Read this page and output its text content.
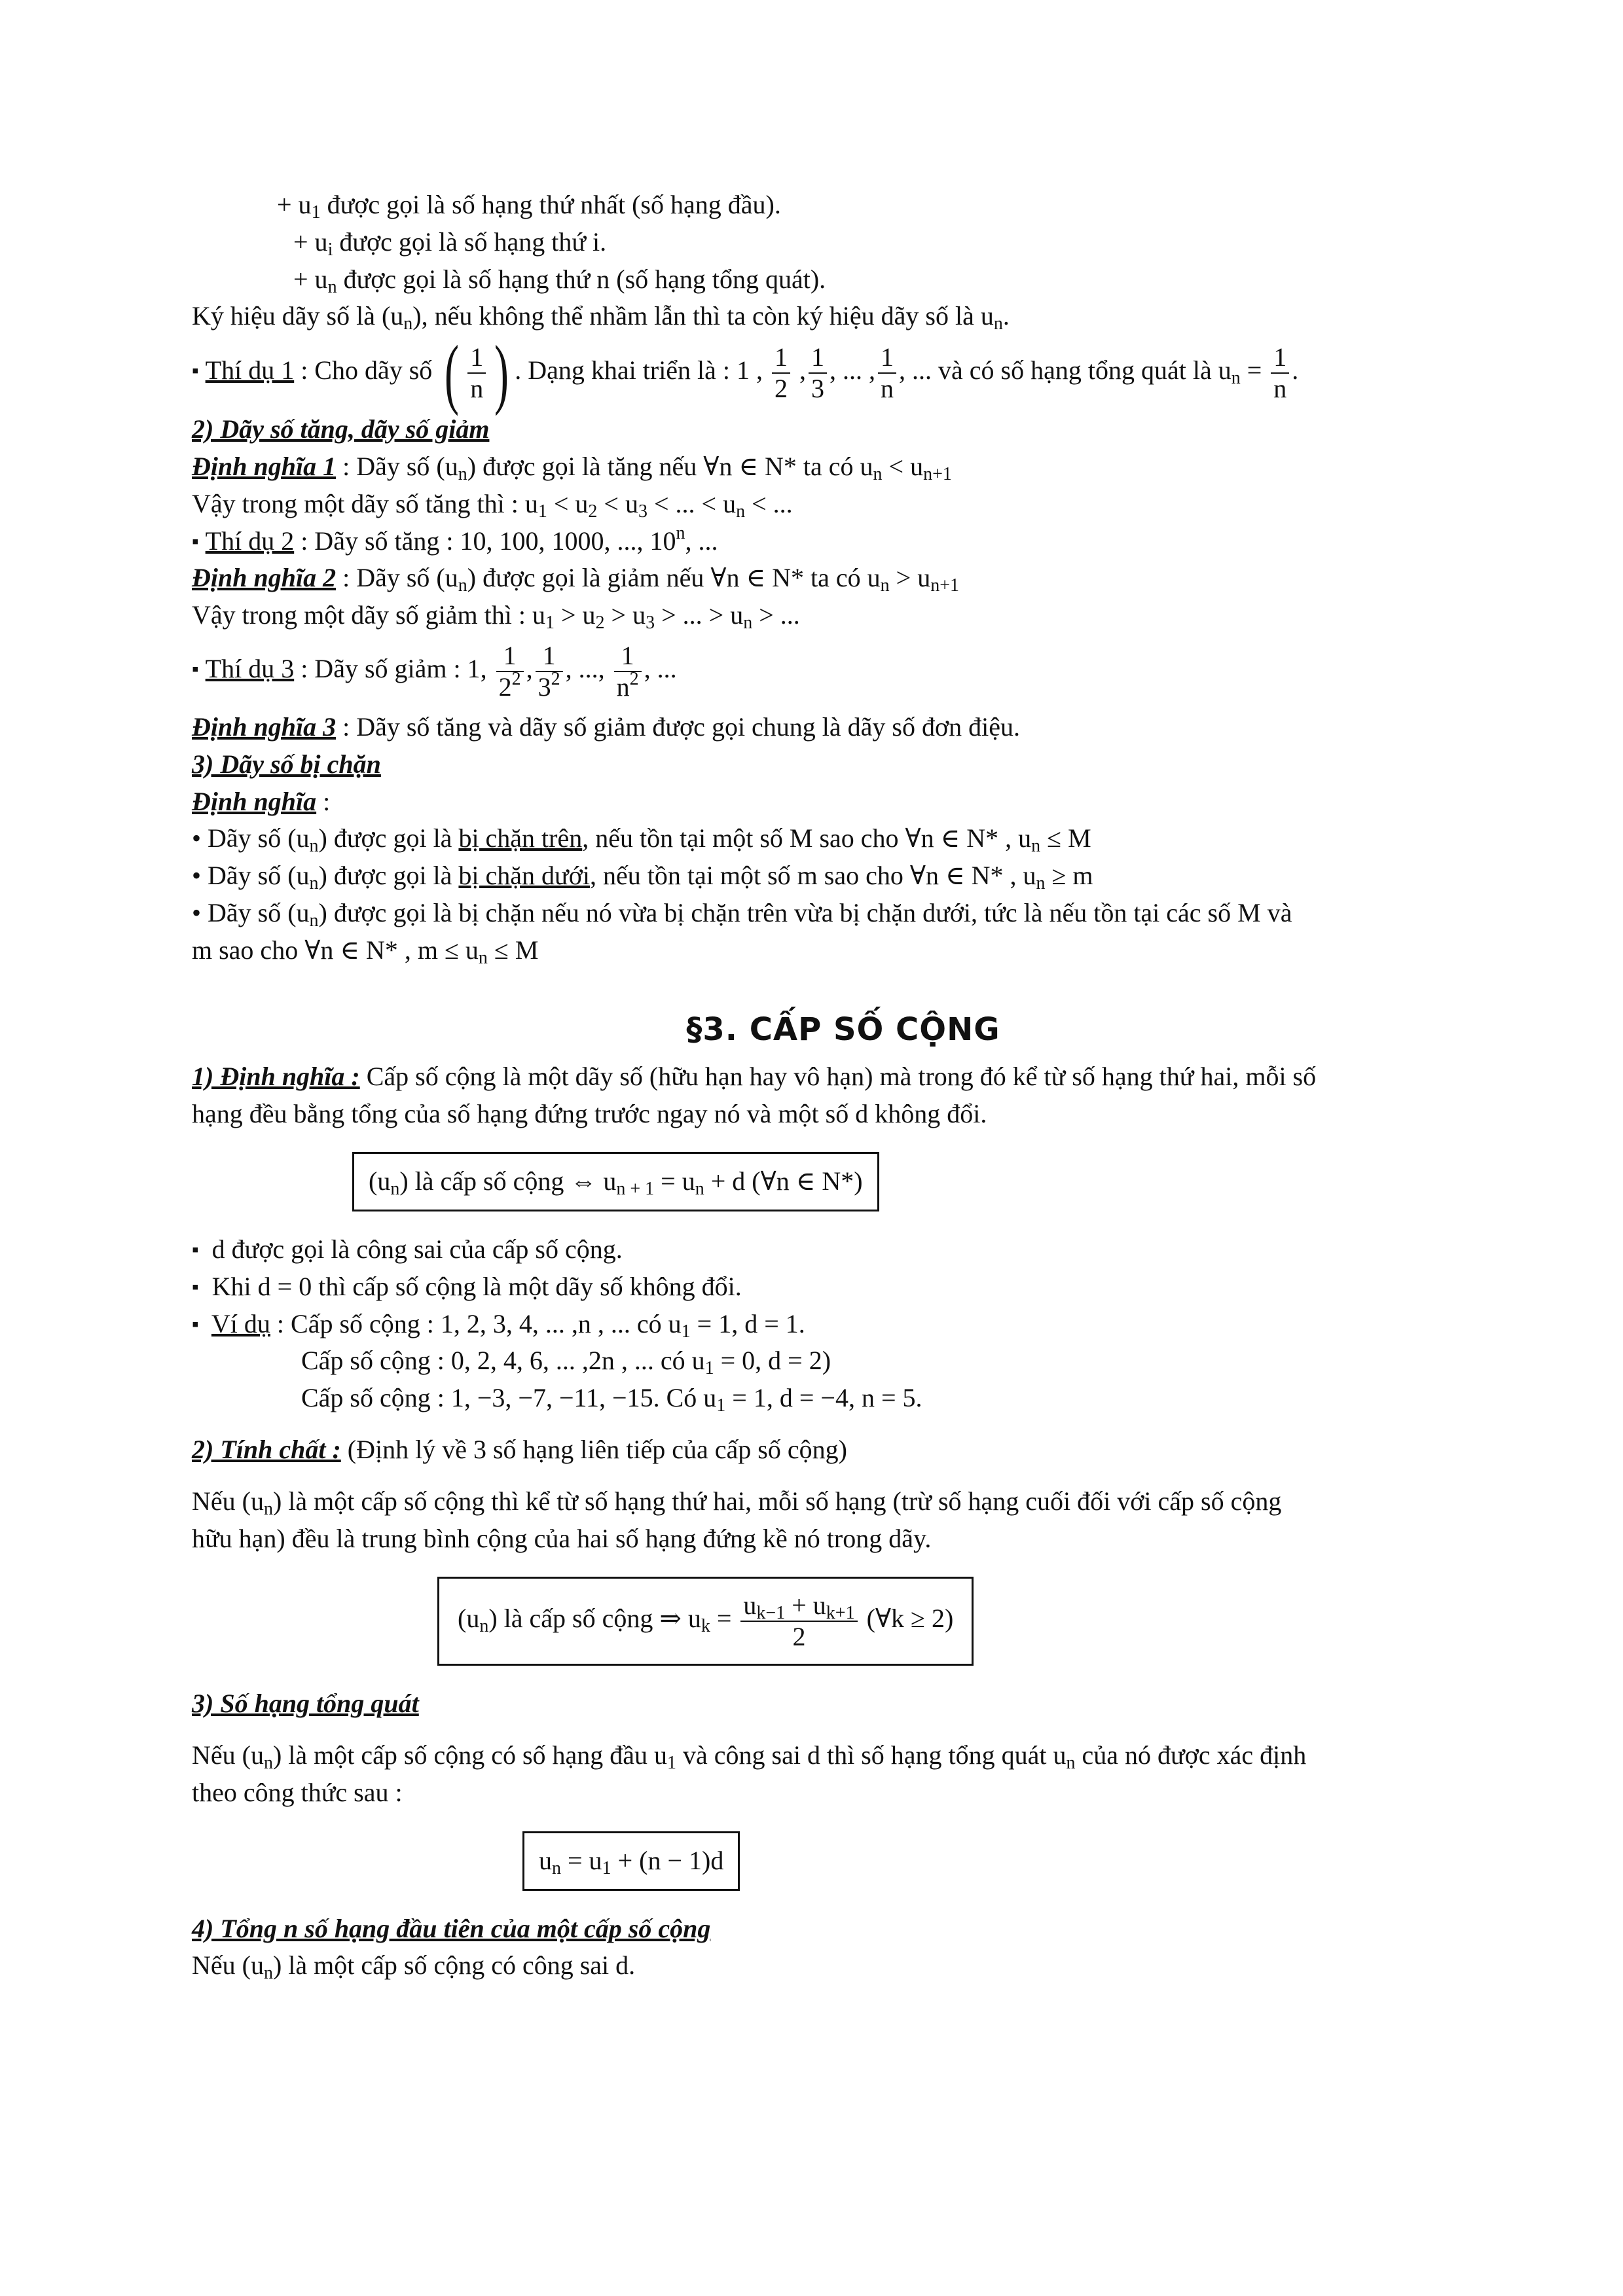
+ $u_1$ được gọi là số hạng thứ nhất (số hạng đầu).

+ $u_i$ được gọi là số hạng thứ i.

+ $u_n$ được gọi là số hạng thứ n (số hạng tổng quát).

Ký hiệu dãy số là $(u_n)$, nếu không thể nhầm lẫn thì ta còn ký hiệu dãy số là $u_n$.

▪ Thí dụ 1 : Cho dãy số ( $\frac{1}{n}$ ) . Dạng khai triển là : 1 , $\frac{1}{2}$ , $\frac{1}{3}$ , ... , $\frac{1}{n}$ , ... và có số hạng tổng quát là $u_n = \frac{1}{n}$ .

2) Dãy số tăng, dãy số giảm

Định nghĩa 1 : Dãy số $(u_n)$ được gọi là tăng nếu ∀n ∈ N* ta có $u_n < u_{n+1}$

Vậy trong một dãy số tăng thì : $u_1 < u_2 < u_3$ < ... < $u_n$ < ...

▪ Thí dụ 2 : Dãy số tăng : 10, 100, 1000, ..., 10$^n$, ...

Định nghĩa 2 : Dãy số $(u_n)$ được gọi là giảm nếu ∀n ∈ N* ta có $u_n > u_{n+1}$

Vậy trong một dãy số giảm thì : $u_1 > u_2 > u_3$ > ... > $u_n$ > ...

▪ Thí dụ 3 : Dãy số giảm : 1, $\frac{1}{2^2}$ , $\frac{1}{3^2}$ , ..., $\frac{1}{n^2}$ , ...

Định nghĩa 3 : Dãy số tăng và dãy số giảm được gọi chung là dãy số đơn điệu.

3) Dãy số bị chặn

Định nghĩa :

• Dãy số $(u_n)$ được gọi là bị chặn trên, nếu tồn tại một số M sao cho ∀n ∈ N* , $u_n \le M$

• Dãy số $(u_n)$ được gọi là bị chặn dưới, nếu tồn tại một số m sao cho ∀n ∈ N* , $u_n \ge m$

• Dãy số $(u_n)$ được gọi là bị chặn nếu nó vừa bị chặn trên vừa bị chặn dưới, tức là nếu tồn tại các số M và

m sao cho ∀n ∈ N* , $m \le u_n \le M$

§3. CẤP SỐ CỘNG

1) Định nghĩa : Cấp số cộng là một dãy số (hữu hạn hay vô hạn) mà trong đó kể từ số hạng thứ hai, mỗi số

hạng đều bằng tổng của số hạng đứng trước ngay nó và một số d không đổi.

$(u_n)$ là cấp số cộng ⇔ $u_{n + 1} = u_n + d$ (∀n ∈ N*)

▪ d được gọi là công sai của cấp số cộng.

▪ Khi d = 0 thì cấp số cộng là một dãy số không đổi.

▪ Ví dụ : Cấp số cộng : 1, 2, 3, 4, ... ,n , ... có $u_1 = 1$, d = 1.

Cấp số cộng : 0, 2, 4, 6, ... ,2n , ... có $u_1 = 0$, d = 2)

Cấp số cộng : 1, −3, −7, −11, −15. Có $u_1 = 1$, d = −4, n = 5.

2) Tính chất : (Định lý về 3 số hạng liên tiếp của cấp số cộng)

Nếu $(u_n)$ là một cấp số cộng thì kể từ số hạng thứ hai, mỗi số hạng (trừ số hạng cuối đối với cấp số cộng

hữu hạn) đều là trung bình cộng của hai số hạng đứng kề nó trong dãy.

$(u_n)$ là cấp số cộng ⇒ $u_k = \frac{u_{k-1} + u_{k+1}}{2}$ (∀k ≥ 2)

3) Số hạng tổng quát

Nếu $(u_n)$ là một cấp số cộng có số hạng đầu $u_1$ và công sai d thì số hạng tổng quát $u_n$ của nó được xác định

theo công thức sau :

$u_n = u_1 + (n - 1)d$

4) Tổng n số hạng đầu tiên của một cấp số cộng

Nếu $(u_n)$ là một cấp số cộng có công sai d.
